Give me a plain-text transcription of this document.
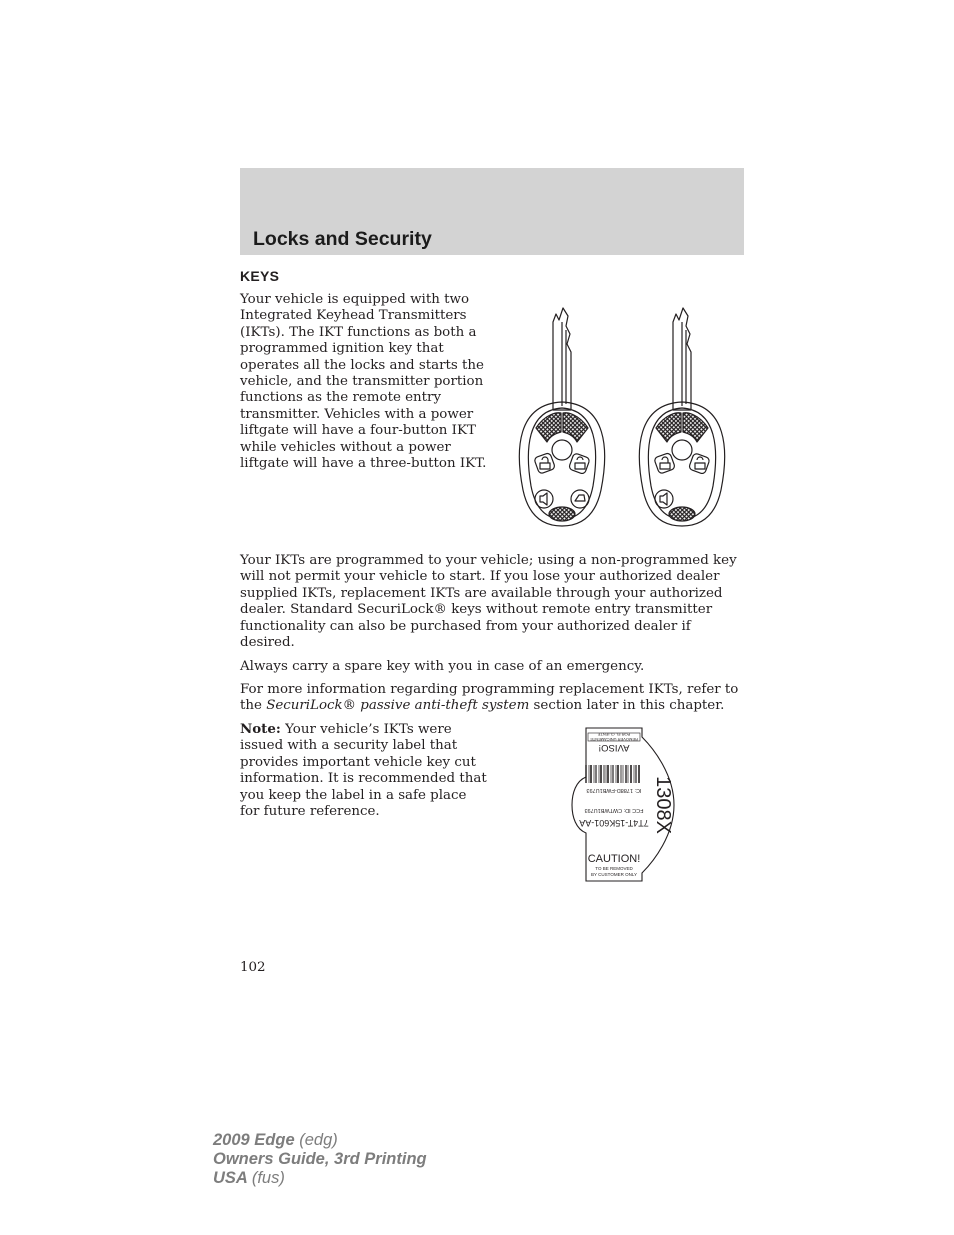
Locks and Security
KEYS

Your vehicle is equipped with two
Integrated Keyhead Transmitters
(IKTs). The IKT functions as both a
programmed ignition key that
operates all the locks and starts the
vehicle, and the transmitter portion
functions as the remote entry
transmitter. Vehicles with a power
liftgate will have a four-button IKT
while vehicles without a power
liftgate will have a three-button IKT.

Your IKTs are programmed to your vehicle; using a non-programmed key
will not permit your vehicle to start. If you lose your authorized dealer
supplied IKTs, replacement IKTs are available through your authorized
dealer. Standard SecuriLock® keys without remote entry transmitter
functionality can also be purchased from your authorized dealer if
desired.

Always carry a spare key with you in case of an emergency.

For more information regarding programming replacement IKTs, refer to
the SecuriLock® passive anti-theft system section later in this chapter.

Note: Your vehicle’s IKTs were
issued with a security label that
provides important vehicle key cut
information. It is recommended that
you keep the label in a safe place
for future reference.

AVISO!
REMOVER UNICAMENTE
POR EL CLIENTE
IC: 1788D-FWB1U793
FCC ID: CWTWB1U793
7T4T-15K601-AA 1308X
CAUTION!
TO BE REMOVED
BY CUSTOMER ONLY
102
2009 Edge (edg)
Owners Guide, 3rd Printing
USA (fus)
